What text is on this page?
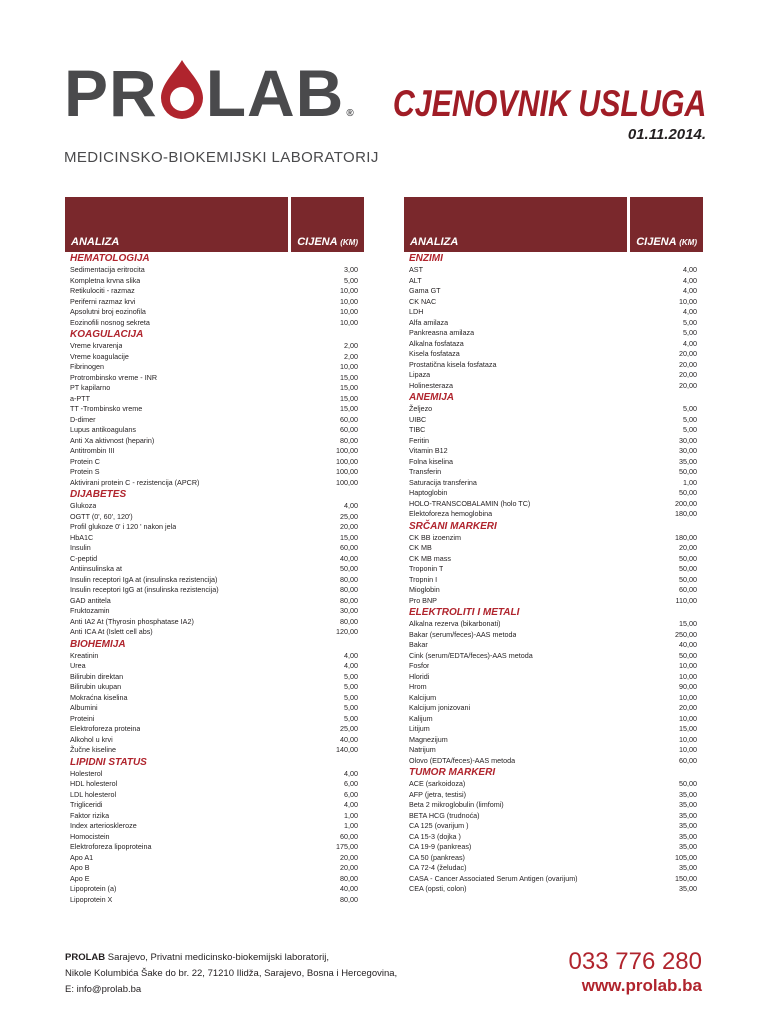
PR LAB ®
MEDICINSKO-BIOKEMIJSKI LABORATORIJ
CJENOVNIK USLUGA
01.11.2014.
ANALIZA	CIJENA (KM)
HEMATOLOGIJA
Sedimentacija eritrocita	3,00
Kompletna krvna slika	5,00
Retikulociti - razmaz	10,00
Periferni razmaz krvi	10,00
Apsolutni broj eozinofila	10,00
Eozinofili nosnog sekreta	10,00
KOAGULACIJA
Vreme krvarenja	2,00
Vreme koagulacije	2,00
Fibrinogen	10,00
Protrombinsko vreme - INR	15,00
PT kapilarno	15,00
a-PTT	15,00
TT -Trombinsko vreme	15,00
D-dimer	60,00
Lupus antikoagulans	60,00
Anti Xa aktivnost (heparin)	80,00
Antitrombin III	100,00
Protein C	100,00
Protein S	100,00
Aktivirani protein C - rezistencija (APCR)	100,00
DIJABETES
Glukoza	4,00
OGTT (0', 60', 120')	25,00
Profil glukoze 0' i 120 ' nakon jela	20,00
HbA1C	15,00
Insulin	60,00
C-peptid	40,00
Antiinsulinska at	50,00
Insulin receptori IgA at (insulinska rezistencija)	80,00
Insulin receptori IgG at (insulinska rezistencija)	80,00
GAD antitela	80,00
Fruktozamin	30,00
Anti IA2 At (Thyrosin phosphatase IA2)	80,00
Anti ICA At (Islett cell abs)	120,00
BIOHEMIJA
Kreatinin	4,00
Urea	4,00
Bilirubin direktan	5,00
Bilirubin ukupan	5,00
Mokraćna kiselina	5,00
Albumini	5,00
Proteini	5,00
Elektroforeza proteina	25,00
Alkohol u krvi	40,00
Žučne kiseline	140,00
LIPIDNI STATUS
Holesterol	4,00
HDL holesterol	6,00
LDL holesterol	6,00
Trigliceridi	4,00
Faktor rizika	1,00
Index arterioskleroze	1,00
Homocistein	60,00
Elektroforeza lipoproteina	175,00
Apo A1	20,00
Apo B	20,00
Apo E	80,00
Lipoprotein (a)	40,00
Lipoprotein X	80,00
ANALIZA	CIJENA (KM)
ENZIMI
AST	4,00
ALT	4,00
Gama GT	4,00
CK NAC	10,00
LDH	4,00
Alfa amilaza	5,00
Pankreasna amilaza	5,00
Alkalna fosfataza	4,00
Kisela fosfataza	20,00
Prostatična kisela fosfataza	20,00
Lipaza	20,00
Holinesteraza	20,00
ANEMIJA
Željezo	5,00
UIBC	5,00
TIBC	5,00
Feritin	30,00
Vitamin B12	30,00
Folna kiselina	35,00
Transferin	50,00
Saturacija transferina	1,00
Haptoglobin	50,00
HOLO-TRANSCOBALAMIN (holo TC)	200,00
Elektoforeza hemoglobina	180,00
SRČANI MARKERI
CK BB izoenzim	180,00
CK MB	20,00
CK MB mass	50,00
Troponin T	50,00
Tropnin I	50,00
Mioglobin	60,00
Pro BNP	110,00
ELEKTROLITI I METALI
Alkalna rezerva (bikarbonati)	15,00
Bakar (serum/feces)-AAS metoda	250,00
Bakar	40,00
Cink (serum/EDTA/feces)-AAS metoda	50,00
Fosfor	10,00
Hloridi	10,00
Hrom	90,00
Kalcijum	10,00
Kalcijum jonizovani	20,00
Kalijum	10,00
Litijum	15,00
Magnezijum	10,00
Natrijum	10,00
Olovo (EDTA/feces)-AAS metoda	60,00
TUMOR MARKERI
ACE (sarkoidoza)	50,00
AFP (jetra, testisi)	35,00
Beta 2 mikroglobulin (limfomi)	35,00
BETA HCG (trudnoća)	35,00
CA 125 (ovarijum )	35,00
CA 15-3 (dojka )	35,00
CA 19-9 (pankreas)	35,00
CA 50 (pankreas)	105,00
CA 72-4 (želudac)	35,00
CASA - Cancer Associated Serum Antigen (ovarijum)	150,00
CEA (opsti, colon)	35,00
PROLAB Sarajevo, Privatni medicinsko-biokemijski laboratorij,
Nikole Kolumbića Šake do br. 22, 71210 Ilidža, Sarajevo, Bosna i Hercegovina,
E: info@prolab.ba
033 776 280
www.prolab.ba
